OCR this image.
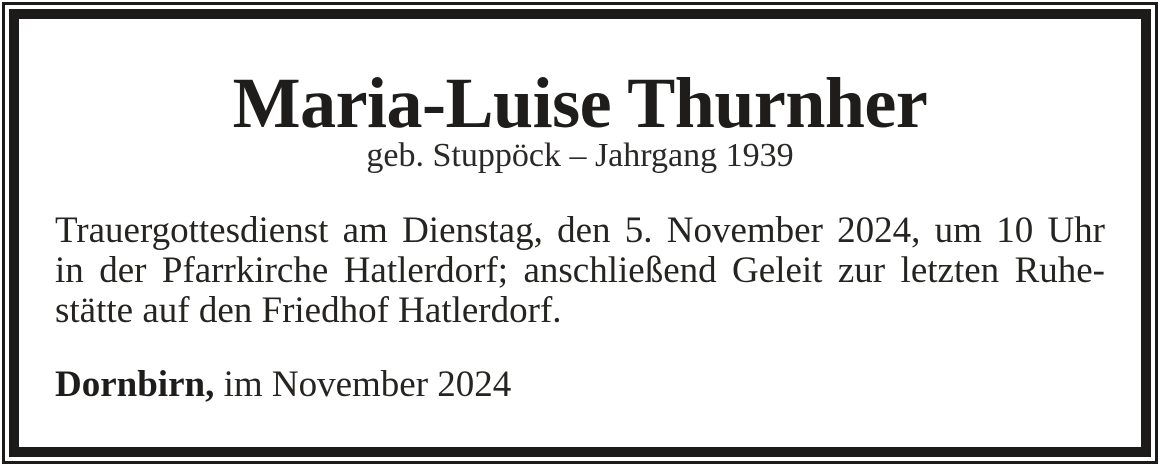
Maria-Luise Thurnher
geb. Stuppöck – Jahrgang 1939
Trauergottesdienst am Dienstag, den 5. November 2024, um 10 Uhr
in der Pfarrkirche Hatlerdorf; anschließend Geleit zur letzten Ruhe-
stätte auf den Friedhof Hatlerdorf.
Dornbirn, im November 2024
